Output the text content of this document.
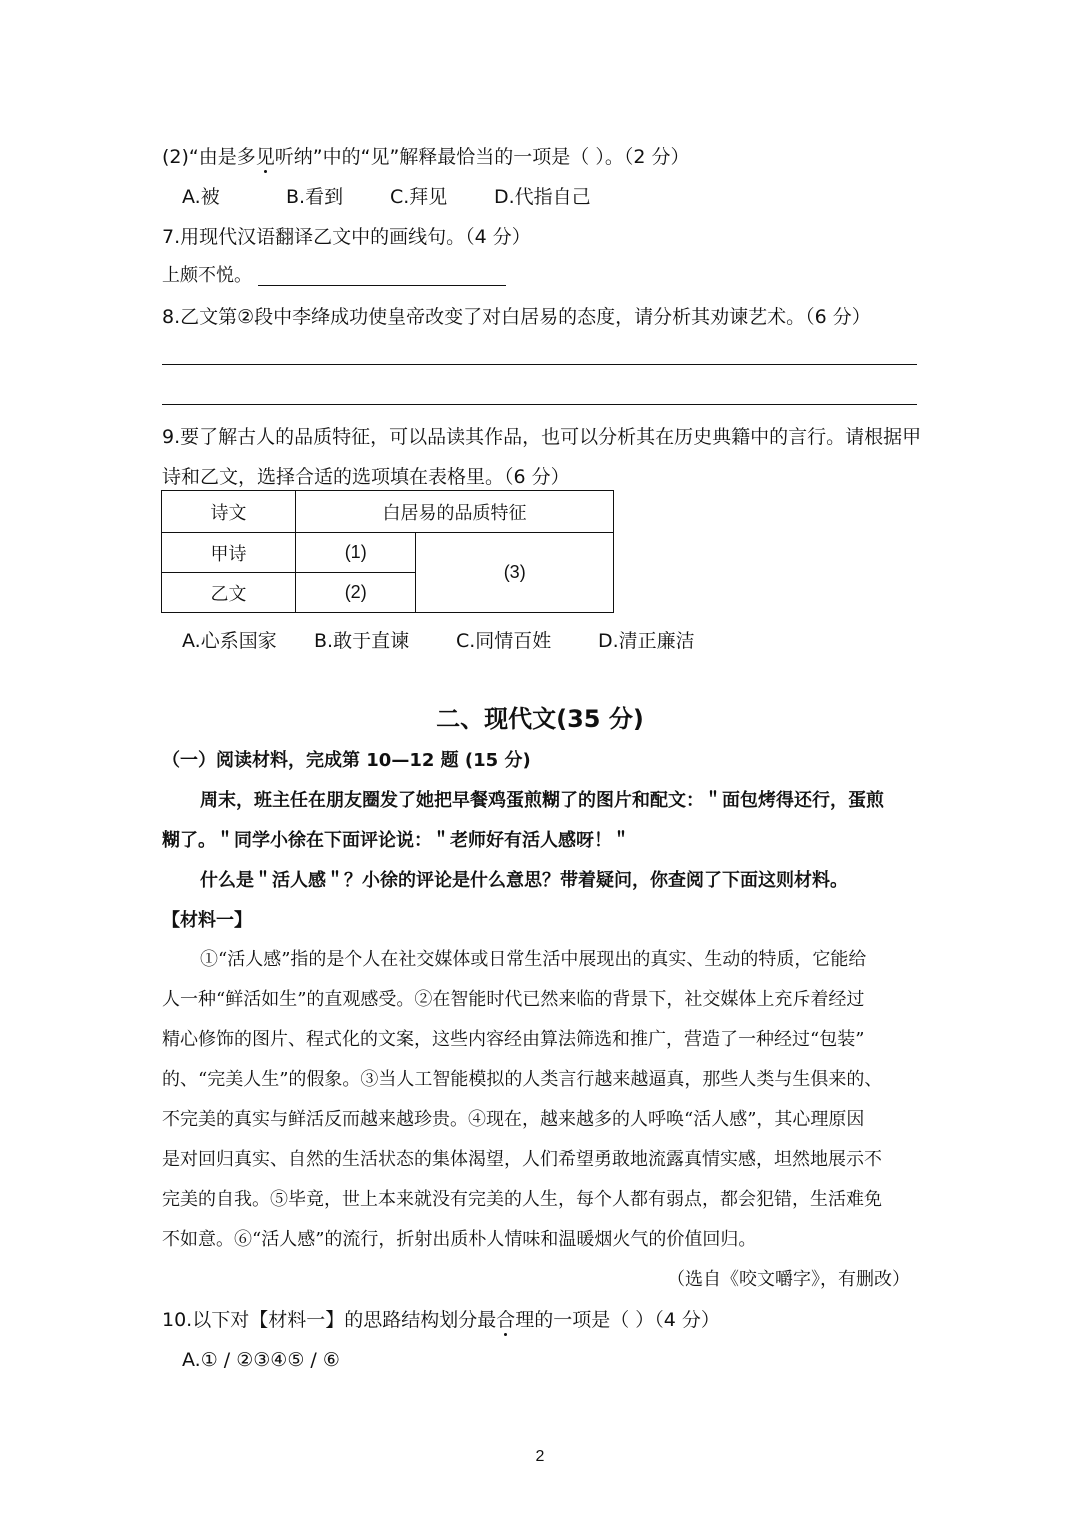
(2)“由是多见听纳”中的“见”解释最恰当的一项是（ ）。（2 分）
A.被	B.看到 C.拜见 D.代指自己
7.用现代汉语翻译乙文中的画线句。（4 分）
上颇不悦。
8.乙文第②段中李绛成功使皇帝改变了对白居易的态度，请分析其劝谏艺术。（6 分）
9.要了解古人的品质特征，可以品读其作品，也可以分析其在历史典籍中的言行。请根据甲
诗和乙文，选择合适的选项填在表格里。（6 分）
诗文	白居易的品质特征	
甲诗	(1)	(3)
乙文	(2)	
A.心系国家 B.敢于直谏 C.同情百姓 D.清正廉洁
二、现代文(35 分)
（一）阅读材料，完成第 10—12 题 (15 分)
周末，班主任在朋友圈发了她把早餐鸡蛋煎糊了的图片和配文：＂面包烤得还行，蛋煎
糊了。＂同学小徐在下面评论说：＂老师好有活人感呀！＂
什么是＂活人感＂？小徐的评论是什么意思？带着疑问，你查阅了下面这则材料。
【材料一】
①“活人感”指的是个人在社交媒体或日常生活中展现出的真实、生动的特质，它能给
人一种“鲜活如生”的直观感受。②在智能时代已然来临的背景下，社交媒体上充斥着经过
精心修饰的图片、程式化的文案，这些内容经由算法筛选和推广，营造了一种经过“包装”
的、“完美人生”的假象。③当人工智能模拟的人类言行越来越逼真，那些人类与生俱来的、
不完美的真实与鲜活反而越来越珍贵。④现在，越来越多的人呼唤“活人感”，其心理原因
是对回归真实、自然的生活状态的集体渴望，人们希望勇敢地流露真情实感，坦然地展示不
完美的自我。⑤毕竟，世上本来就没有完美的人生，每个人都有弱点，都会犯错，生活难免
不如意。⑥“活人感”的流行，折射出质朴人情味和温暖烟火气的价值回归。
（选自《咬文嚼字》，有删改）
10.以下对【材料一】的思路结构划分最合理的一项是（ ）（4 分）
A.① / ②③④⑤ / ⑥
2
